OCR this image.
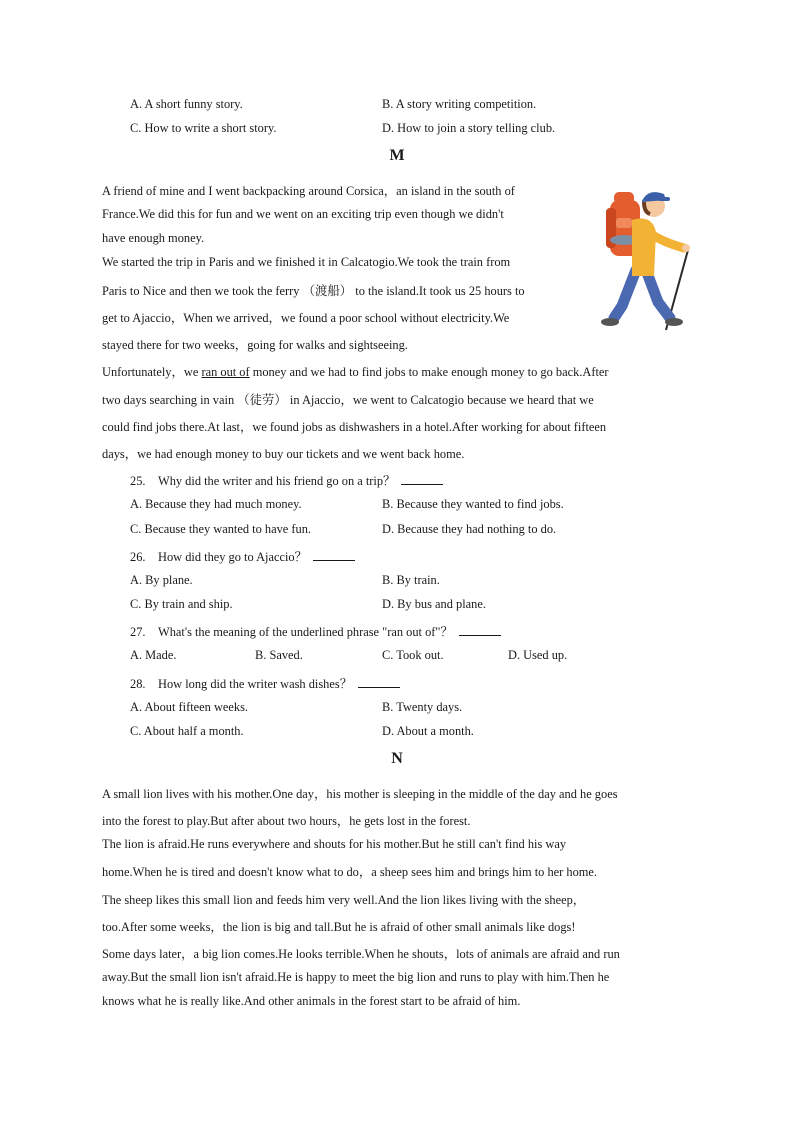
A. A short funny story.	B. A story writing competition.
C. How to write a short story.	D. How to join a story telling club.
M
A friend of mine and I went backpacking around Corsica，an island in the south of
France.We did this for fun and we went on an exciting trip even though we didn't
have enough money.
We started the trip in Paris and we finished it in Calcatogio.We took the train from
Paris to Nice and then we took the ferry （渡船） to the island.It took us 25 hours to
get to Ajaccio，When we arrived，we found a poor school without electricity.We
stayed there for two weeks，going for walks and sightseeing.
Unfortunately，we ran out of money and we had to find jobs to make enough money to go back.After
two days searching in vain （徒劳） in Ajaccio，we went to Calcatogio because we heard that we
could find jobs there.At last，we found jobs as dishwashers in a hotel.After working for about fifteen
days，we had enough money to buy our tickets and we went back home.
25. Why did the writer and his friend go on a trip？
A. Because they had much money.	B. Because they wanted to find jobs.
C. Because they wanted to have fun.	D. Because they had nothing to do.
26. How did they go to Ajaccio？
A. By plane.	B. By train.
C. By train and ship.	D. By bus and plane.
27. What's the meaning of the underlined phrase "ran out of"？
A. Made.	B. Saved.	C. Took out.	D. Used up.
28. How long did the writer wash dishes？
A. About fifteen weeks.	B. Twenty days.
C. About half a month.	D. About a month.
N
A small lion lives with his mother.One day，his mother is sleeping in the middle of the day and he goes
into the forest to play.But after about two hours，he gets lost in the forest.
The lion is afraid.He runs everywhere and shouts for his mother.But he still can't find his way
home.When he is tired and doesn't know what to do，a sheep sees him and brings him to her home.
The sheep likes this small lion and feeds him very well.And the lion likes living with the sheep，
too.After some weeks，the lion is big and tall.But he is afraid of other small animals like dogs!
Some days later，a big lion comes.He looks terrible.When he shouts，lots of animals are afraid and run
away.But the small lion isn't afraid.He is happy to meet the big lion and runs to play with him.Then he
knows what he is really like.And other animals in the forest start to be afraid of him.
